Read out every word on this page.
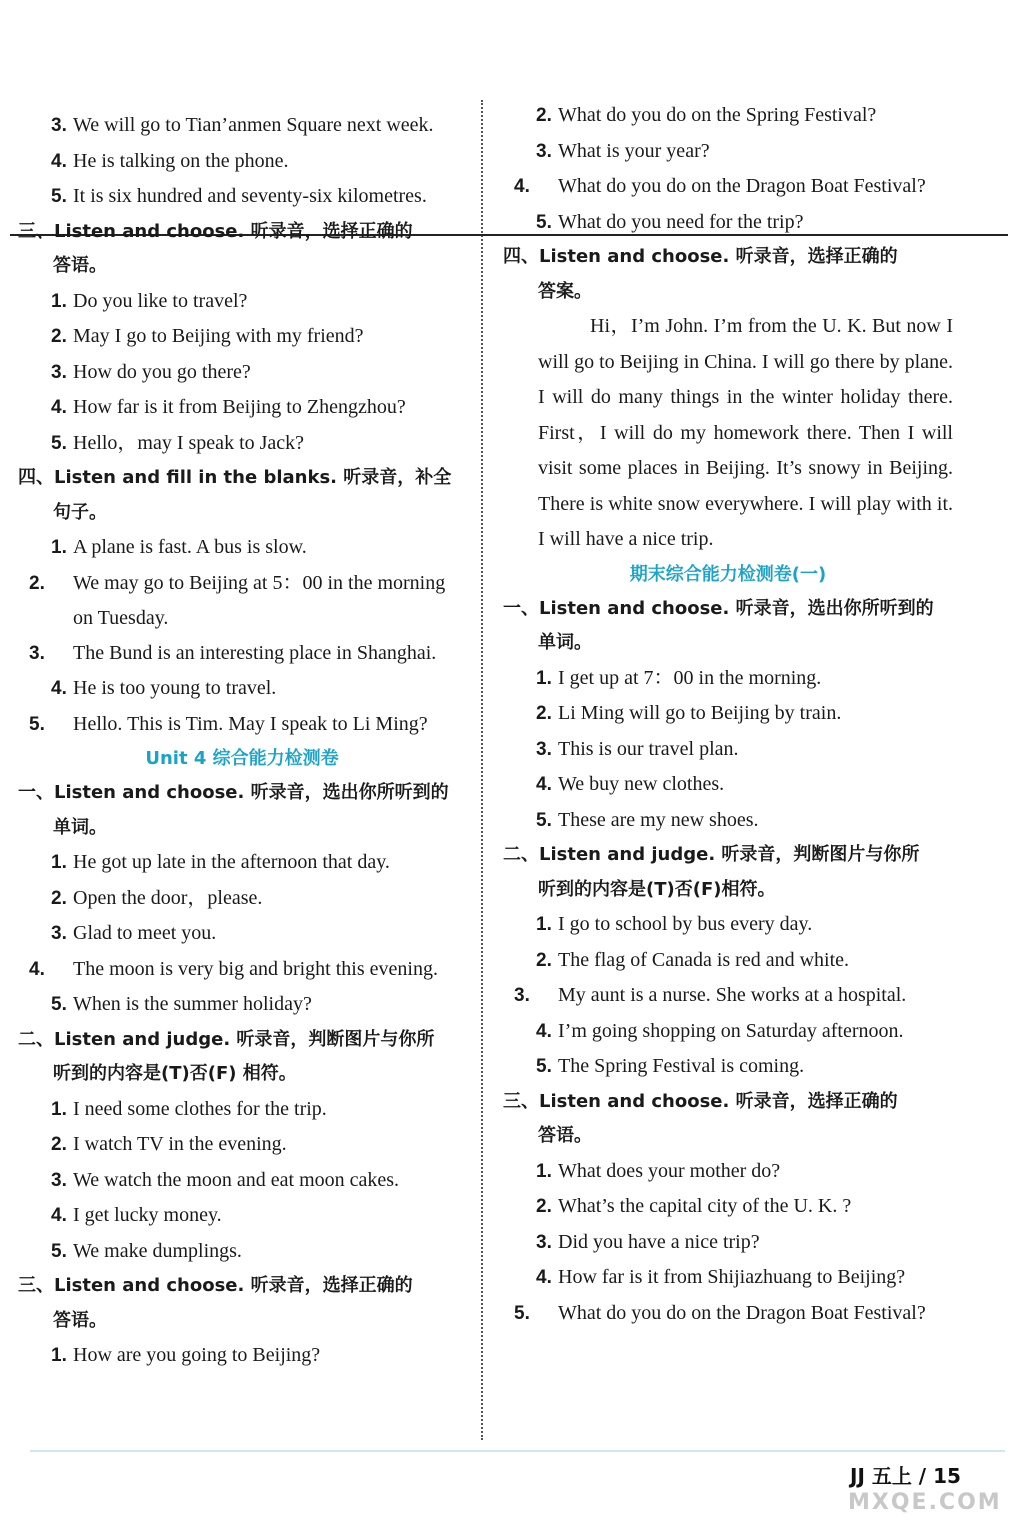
3. We will go to Tian’anmen Square next week.
4. He is talking on the phone.
5. It is six hundred and seventy-six kilometres.
三、Listen and choose. 听录音，选择正确的
答语。
1. Do you like to travel?
2. May I go to Beijing with my friend?
3. How do you go there?
4. How far is it from Beijing to Zhengzhou?
5. Hello，may I speak to Jack?
四、Listen and fill in the blanks. 听录音，补全
句子。
1. A plane is fast. A bus is slow.
2. We may go to Beijing at 5：00 in the morning on Tuesday.
3. The Bund is an interesting place in Shanghai.
4. He is too young to travel.
5. Hello. This is Tim. May I speak to Li Ming?
Unit 4 综合能力检测卷
一、Listen and choose. 听录音，选出你所听到的
单词。
1. He got up late in the afternoon that day.
2. Open the door，please.
3. Glad to meet you.
4. The moon is very big and bright this evening.
5. When is the summer holiday?
二、Listen and judge. 听录音，判断图片与你所
听到的内容是(T)否(F) 相符。
1. I need some clothes for the trip.
2. I watch TV in the evening.
3. We watch the moon and eat moon cakes.
4. I get lucky money.
5. We make dumplings.
三、Listen and choose. 听录音，选择正确的
答语。
1. How are you going to Beijing?
2. What do you do on the Spring Festival?
3. What is your year?
4. What do you do on the Dragon Boat Festival?
5. What do you need for the trip?
四、Listen and choose. 听录音，选择正确的
答案。
Hi，I’m John. I’m from the U. K. But now I will go to Beijing in China. I will go there by plane. I will do many things in the winter holiday there. First，I will do my homework there. Then I will visit some places in Beijing. It’s snowy in Beijing. There is white snow everywhere. I will play with it. I will have a nice trip.
期末综合能力检测卷(一)
一、Listen and choose. 听录音，选出你所听到的
单词。
1. I get up at 7：00 in the morning.
2. Li Ming will go to Beijing by train.
3. This is our travel plan.
4. We buy new clothes.
5. These are my new shoes.
二、Listen and judge. 听录音，判断图片与你所
听到的内容是(T)否(F)相符。
1. I go to school by bus every day.
2. The flag of Canada is red and white.
3. My aunt is a nurse. She works at a hospital.
4. I’m going shopping on Saturday afternoon.
5. The Spring Festival is coming.
三、Listen and choose. 听录音，选择正确的
答语。
1. What does your mother do?
2. What’s the capital city of the U. K. ?
3. Did you have a nice trip?
4. How far is it from Shijiazhuang to Beijing?
5. What do you do on the Dragon Boat Festival?
JJ 五上 / 15
MXQE.COM
